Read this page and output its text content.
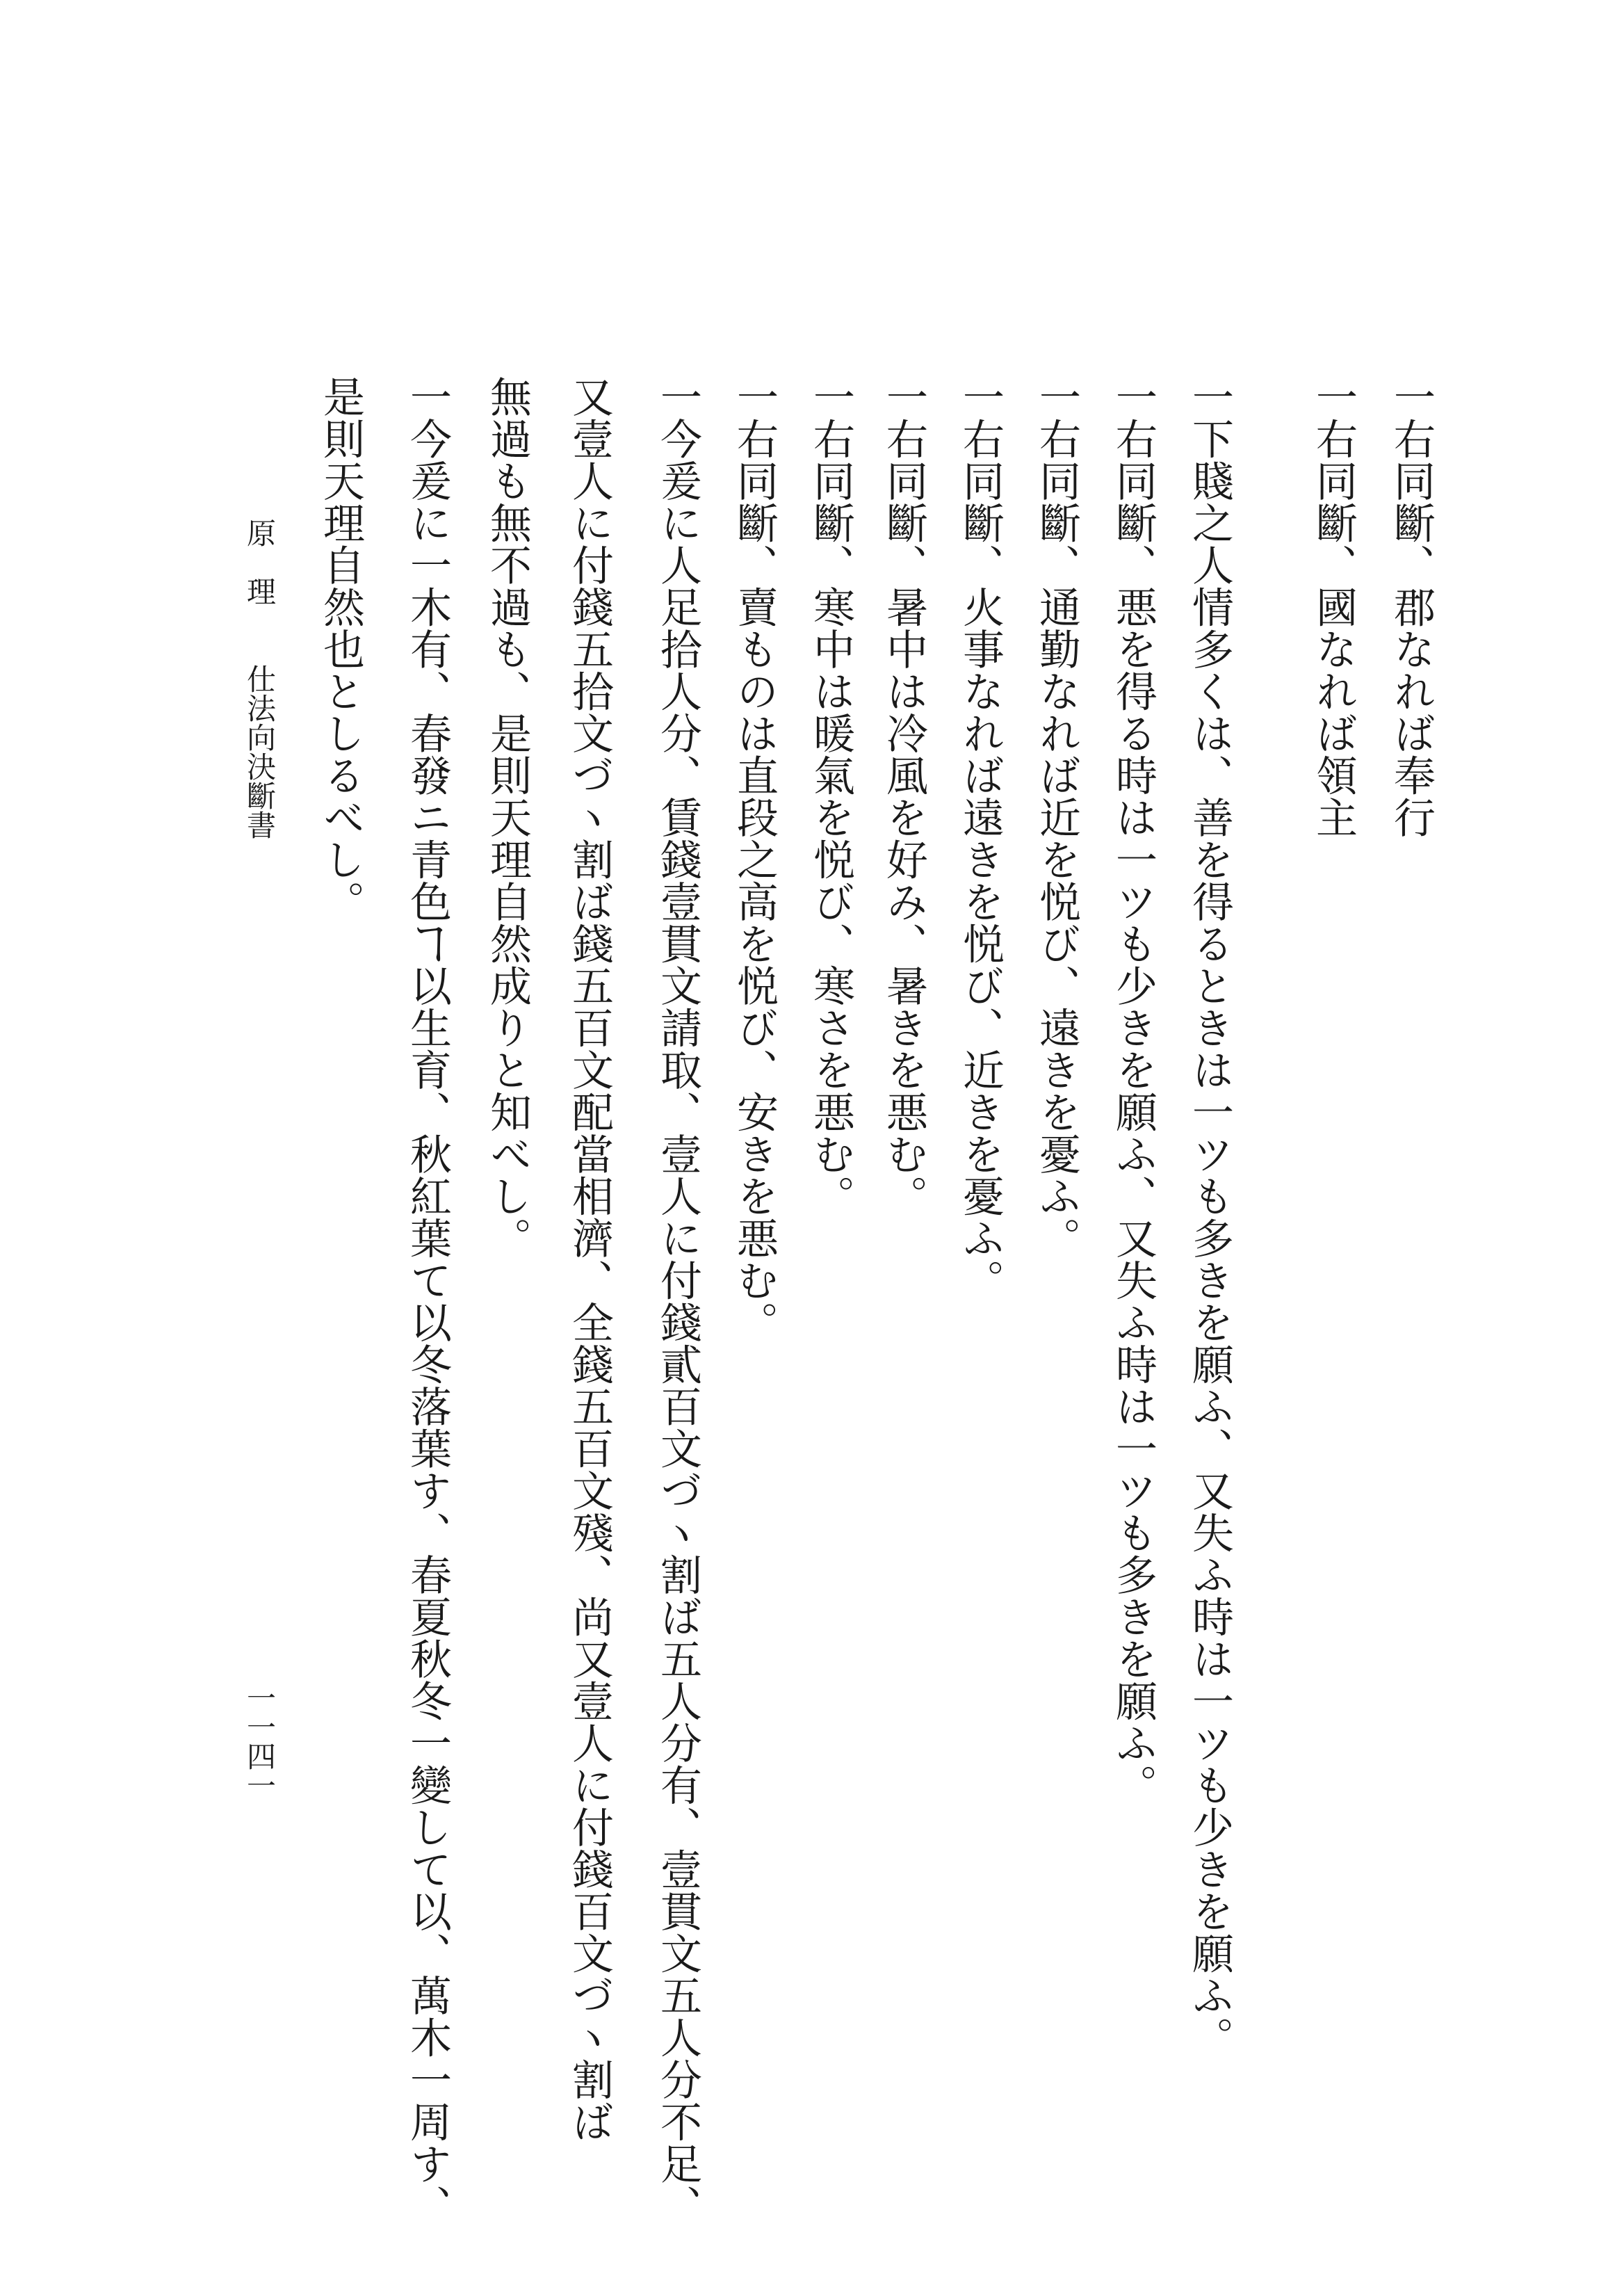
一右同斷、郡なれば奉行
一右同斷、國なれば領主
一下賤之人情多くは、善を得るときは一ツも多きを願ふ、又失ふ時は一ツも少きを願ふ。
一右同斷、悪を得る時は一ツも少きを願ふ、又失ふ時は一ツも多きを願ふ。
一右同斷、通勤なれば近を悦び、遠きを憂ふ。
一右同斷、火事なれば遠きを悦び、近きを憂ふ。
一右同斷、暑中は冷風を好み、暑きを悪む。
一右同斷、寒中は暖氣を悦び、寒さを悪む。
一右同斷、賣ものは直段之高を悦び、安きを悪む。
一今爰に人足拾人分、賃錢壹貫文請取、壹人に付錢貳百文づヽ割ば五人分有、壹貫文五人分不足、
又壹人に付錢五拾文づヽ割ば錢五百文配當相濟、全錢五百文殘、尚又壹人に付錢百文づヽ割ば
無過も無不過も、是則天理自然成りと知べし。
一今爰に一木有、春發ニ青色ヿ以生育、秋紅葉て以冬落葉す、春夏秋冬一變して以、萬木一周す、
是則天理自然也としるべし。
原　理　　仕法向決斷書
一一四一
